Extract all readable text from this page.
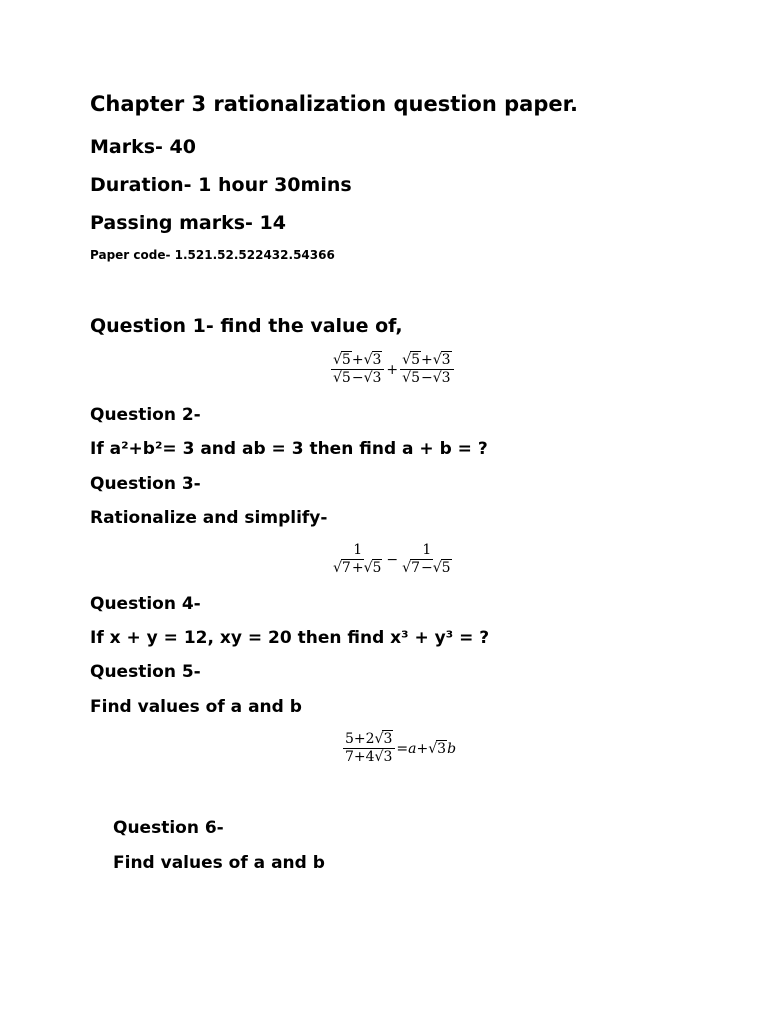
Chapter 3 rationalization question paper.
Marks- 40
Duration- 1 hour 30mins
Passing marks- 14
Paper code- 1.521.52.522432.54366
Question 1- find the value of,
$\frac{√5+√3}{√5-√3} + \frac{√5+√3}{√5-√3}$
Question 2-
If a²+b²= 3 and ab = 3 then find a + b = ?
Question 3-
Rationalize and simplify-
$\frac{1}{√7+√5} - \frac{1}{√7-√5}$
Question 4-
If x + y = 12, xy = 20 then find x³ + y³ = ?
Question 5-
Find values of a and b
$\frac{5+2√3}{7+4√3} = a + √3$ b
Question 6-
Find values of a and b
